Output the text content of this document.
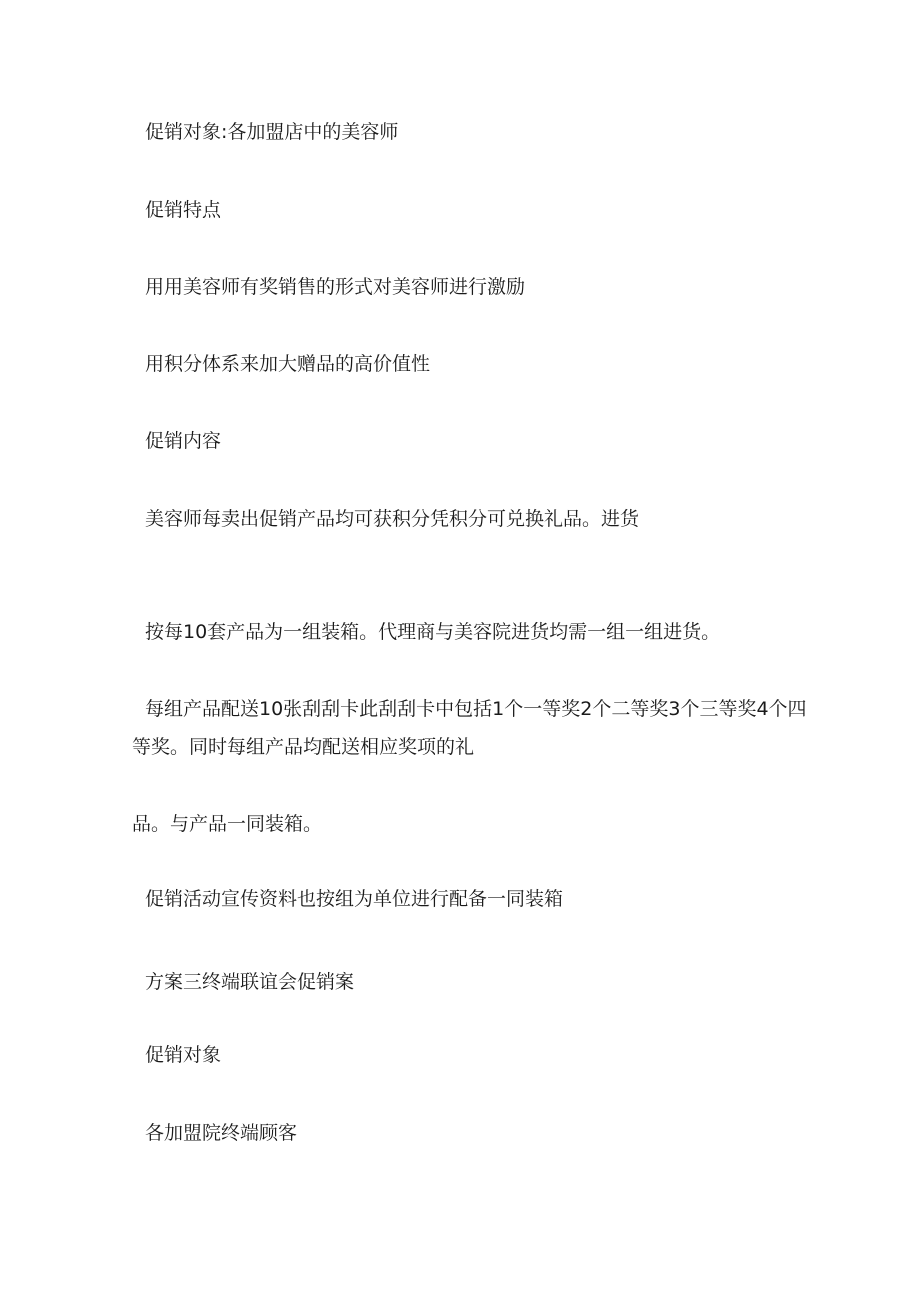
促销对象:各加盟店中的美容师
促销特点
用用美容师有奖销售的形式对美容师进行激励
用积分体系来加大赠品的高价值性
促销内容
美容师每卖出促销产品均可获积分凭积分可兑换礼品。进货
按每10套产品为一组装箱。代理商与美容院进货均需一组一组进货。
每组产品配送10张刮刮卡此刮刮卡中包括1个一等奖2个二等奖3个三等奖4个四
等奖。同时每组产品均配送相应奖项的礼
品。与产品一同装箱。
促销活动宣传资料也按组为单位进行配备一同装箱
方案三终端联谊会促销案
促销对象
各加盟院终端顾客
